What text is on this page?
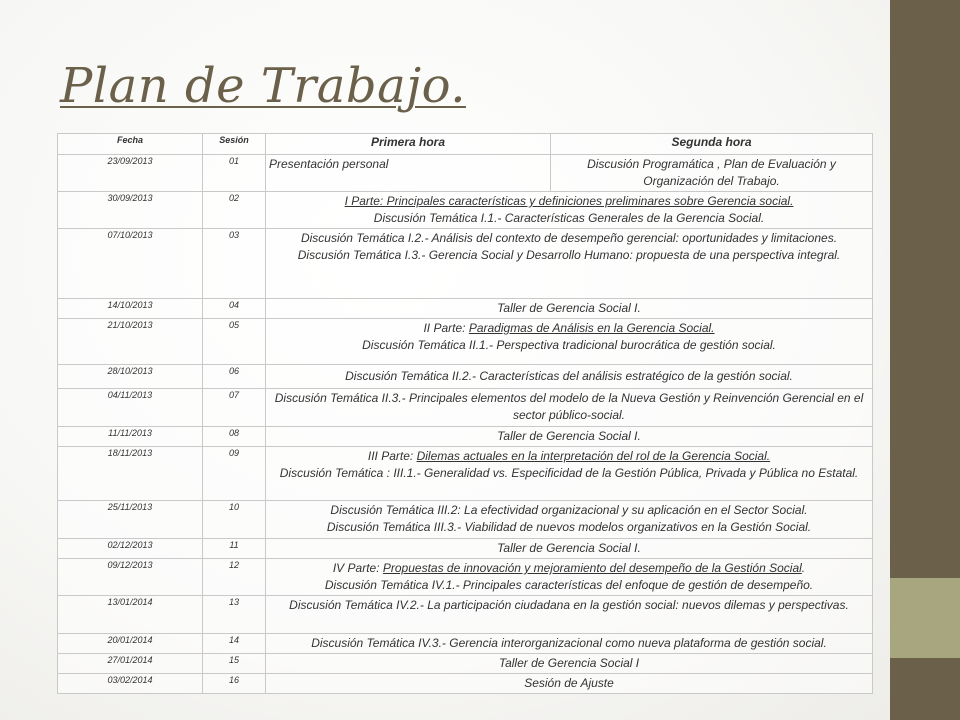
Plan de Trabajo.
Fecha	Sesión	Primera hora	Segunda hora
23/09/2013	01	Presentación personal	Discusión Programática , Plan de Evaluación y Organización del Trabajo.
30/09/2013	02	I Parte: Principales características y definiciones preliminares sobre Gerencia social.
Discusión Temática I.1.- Características Generales de la Gerencia Social.	

07/10/2013	03	Discusión Temática I.2.- Análisis del contexto de desempeño gerencial: oportunidades y limitaciones.
Discusión Temática I.3.- Gerencia Social y Desarrollo Humano: propuesta de una perspectiva integral.	

14/10/2013	04	Taller de Gerencia Social I.	
21/10/2013	05	II Parte: Paradigmas de Análisis en la Gerencia Social.
Discusión Temática II.1.- Perspectiva tradicional burocrática de gestión social.	

28/10/2013	06	Discusión Temática II.2.- Características del análisis estratégico de la gestión social.	
04/11/2013	07	Discusión Temática II.3.- Principales elementos del modelo de la Nueva Gestión y Reinvención Gerencial en el sector público-social.	
11/11/2013	08	Taller de Gerencia Social I.	
18/11/2013	09	III Parte: Dilemas actuales en la interpretación del rol de la Gerencia Social.
Discusión Temática : III.1.- Generalidad vs. Especificidad de la Gestión Pública, Privada y Pública no Estatal.	

25/11/2013	10	Discusión Temática III.2: La efectividad organizacional y su aplicación en el Sector Social.
Discusión Temática III.3.- Viabilidad de nuevos modelos organizativos en la Gestión Social.	

02/12/2013	11	Taller de Gerencia Social I.	
09/12/2013	12	IV Parte: Propuestas de innovación y mejoramiento del desempeño de la Gestión Social.
Discusión Temática IV.1.- Principales características del enfoque de gestión de desempeño.	

13/01/2014	13	Discusión Temática IV.2.- La participación ciudadana en la gestión social: nuevos dilemas y perspectivas.	
20/01/2014	14	Discusión Temática IV.3.- Gerencia interorganizacional como nueva plataforma de gestión social.	
27/01/2014	15	Taller de Gerencia Social I	
03/02/2014	16	Sesión de Ajuste	
